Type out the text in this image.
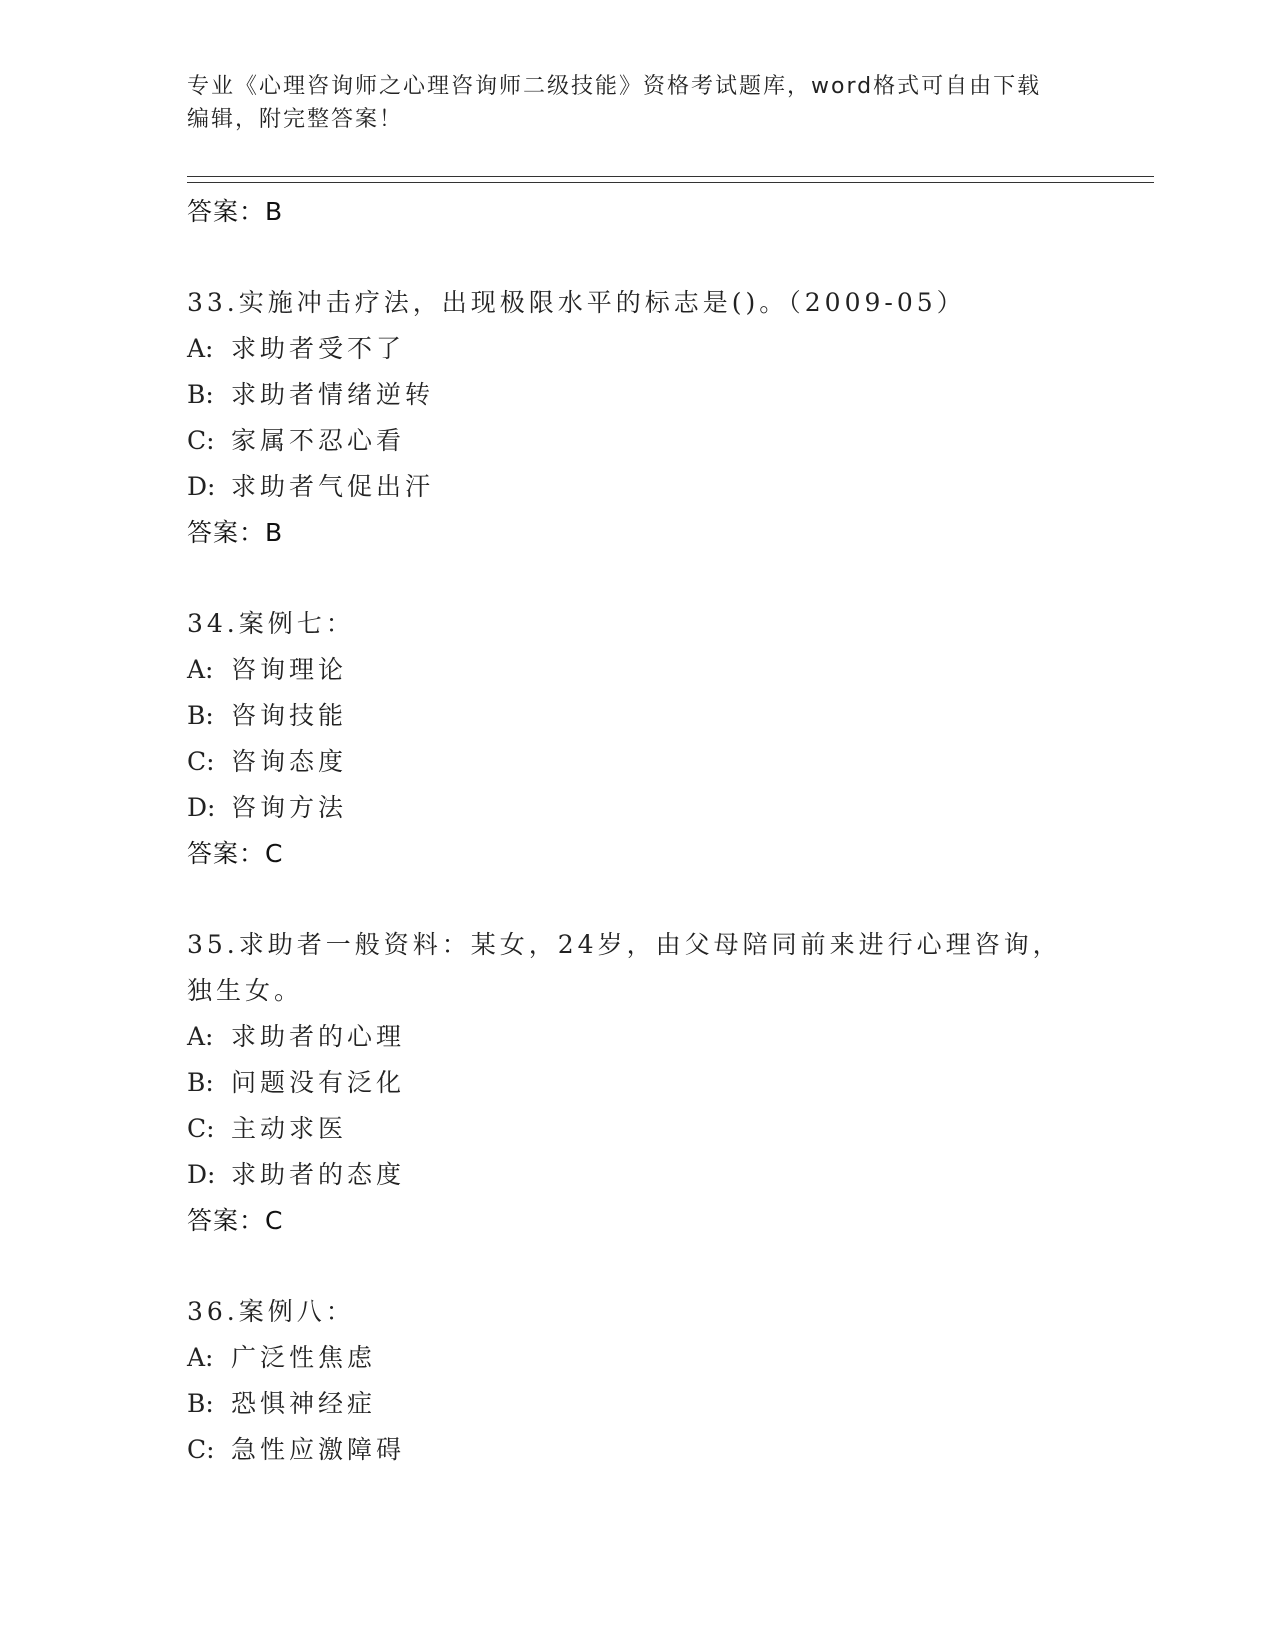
专业《心理咨询师之心理咨询师二级技能》资格考试题库，word格式可自由下载
编辑，附完整答案！
答案：B
33.实施冲击疗法，出现极限水平的标志是()。（2009-05）
A: 求助者受不了
B: 求助者情绪逆转
C: 家属不忍心看
D: 求助者气促出汗
答案：B
34.案例七：
A: 咨询理论
B: 咨询技能
C: 咨询态度
D: 咨询方法
答案：C
35.求助者一般资料：某女，24岁，由父母陪同前来进行心理咨询，独生女。
A: 求助者的心理
B: 问题没有泛化
C: 主动求医
D: 求助者的态度
答案：C
36.案例八：
A: 广泛性焦虑
B: 恐惧神经症
C: 急性应激障碍
